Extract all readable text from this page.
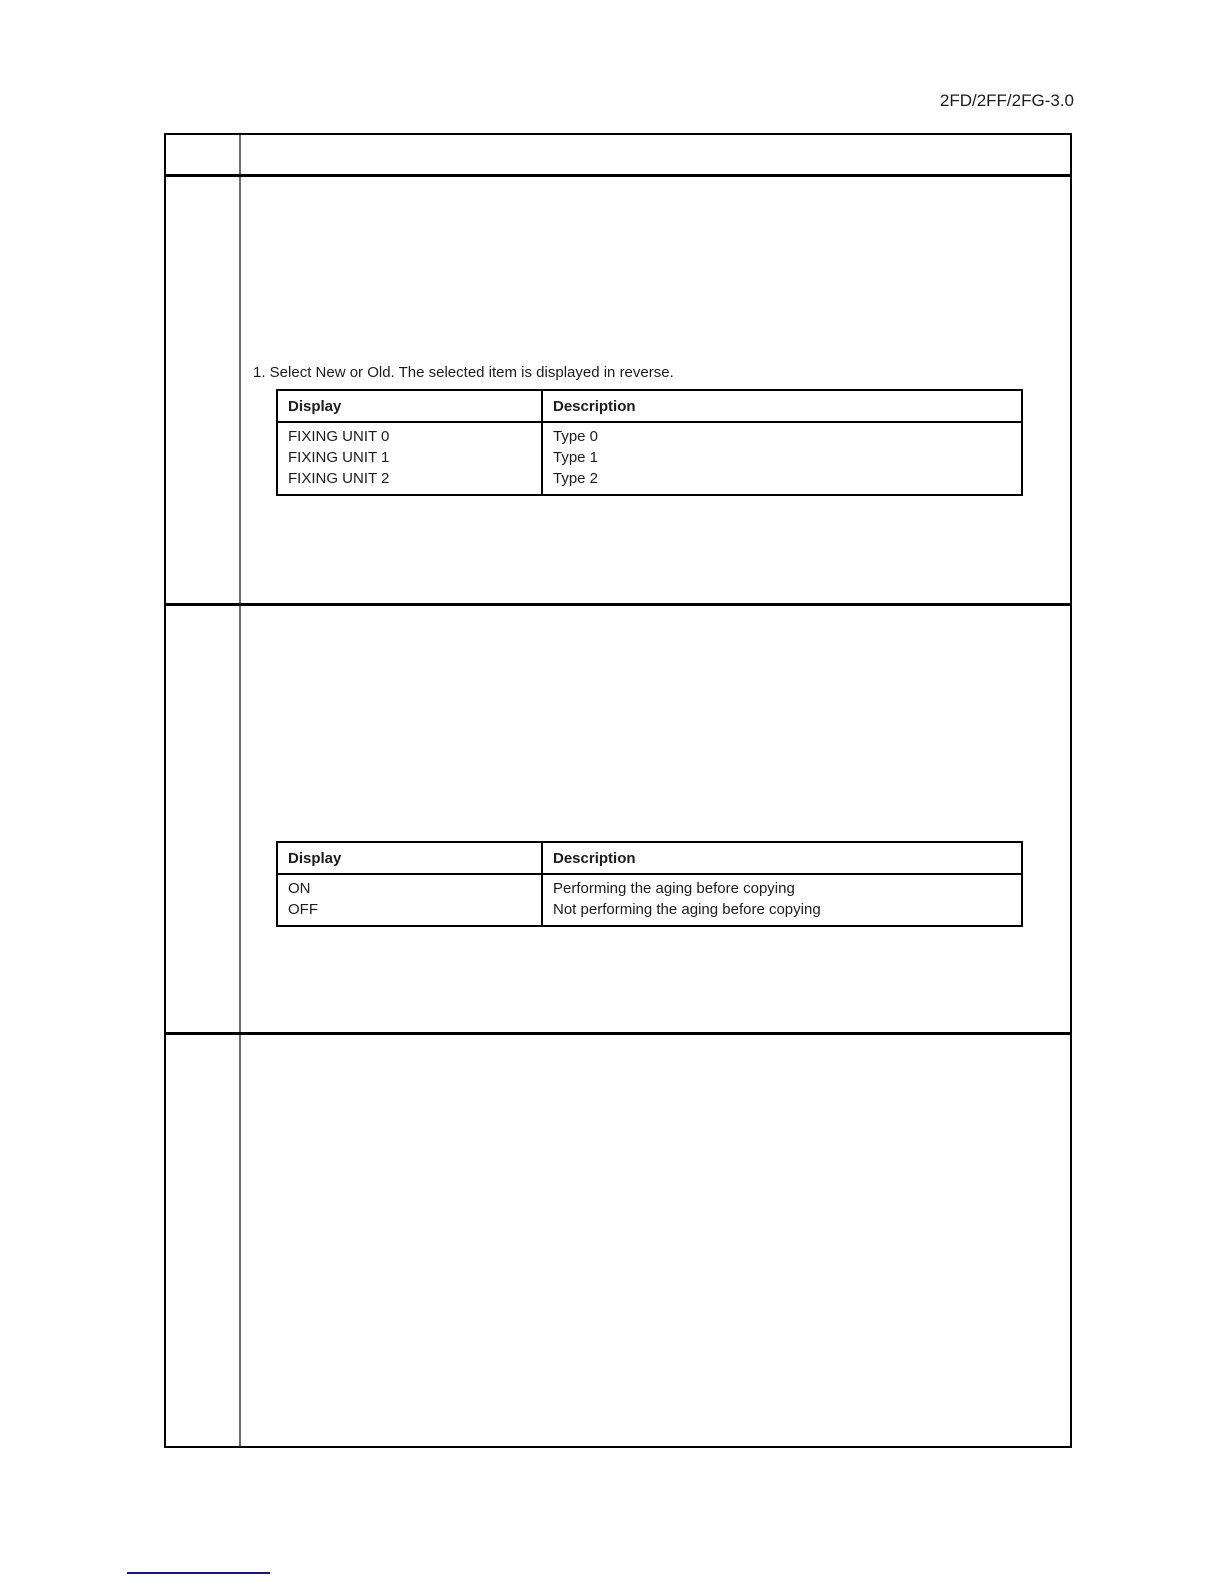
2FD/2FF/2FG-3.0
1. Select New or Old. The selected item is displayed in reverse.
Display	Description
FIXING UNIT 0
FIXING UNIT 1
FIXING UNIT 2
Type 0
Type 1
Type 2
Display	Description
ON
OFF
Performing the aging before copying
Not performing the aging before copying
